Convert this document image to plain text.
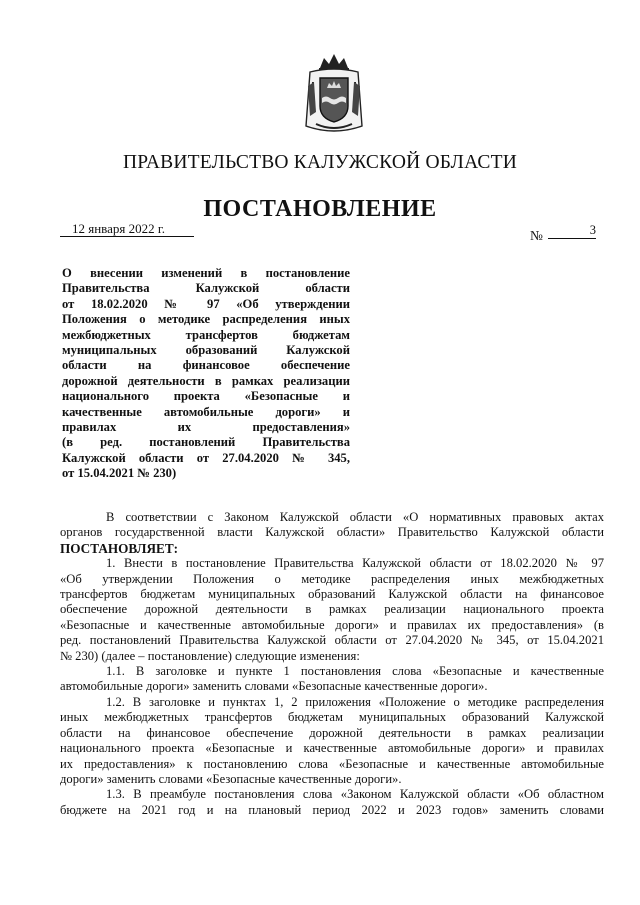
ПРАВИТЕЛЬСТВО КАЛУЖСКОЙ ОБЛАСТИ
ПОСТАНОВЛЕНИЕ
12 января 2022 г.	№	3

О внесении изменений в постановление
Правительства Калужской области
от 18.02.2020 № 97 «Об утверждении
Положения о методике распределения иных
межбюджетных трансфертов бюджетам
муниципальных образований Калужской
области на финансовое обеспечение
дорожной деятельности в рамках реализации
национального проекта «Безопасные и
качественные автомобильные дороги» и
правилах их предоставления»
(в ред. постановлений Правительства
Калужской области от 27.04.2020 № 345,
от 15.04.2021 № 230)

В соответствии с Законом Калужской области «О нормативных правовых актах
органов государственной власти Калужской области» Правительство Калужской области
ПОСТАНОВЛЯЕТ:
1. Внести в постановление Правительства Калужской области от 18.02.2020 № 97
«Об утверждении Положения о методике распределения иных межбюджетных
трансфертов бюджетам муниципальных образований Калужской области на финансовое
обеспечение дорожной деятельности в рамках реализации национального проекта
«Безопасные и качественные автомобильные дороги» и правилах их предоставления» (в
ред. постановлений Правительства Калужской области от 27.04.2020 № 345, от 15.04.2021
№ 230) (далее – постановление) следующие изменения:
1.1. В заголовке и пункте 1 постановления слова «Безопасные и качественные
автомобильные дороги» заменить словами «Безопасные качественные дороги».
1.2. В заголовке и пунктах 1, 2 приложения «Положение о методике распределения
иных межбюджетных трансфертов бюджетам муниципальных образований Калужской
области на финансовое обеспечение дорожной деятельности в рамках реализации
национального проекта «Безопасные и качественные автомобильные дороги» и правилах
их предоставления» к постановлению слова «Безопасные и качественные автомобильные
дороги» заменить словами «Безопасные качественные дороги».
1.3. В преамбуле постановления слова «Законом Калужской области «Об областном
бюджете на 2021 год и на плановый период 2022 и 2023 годов» заменить словами
